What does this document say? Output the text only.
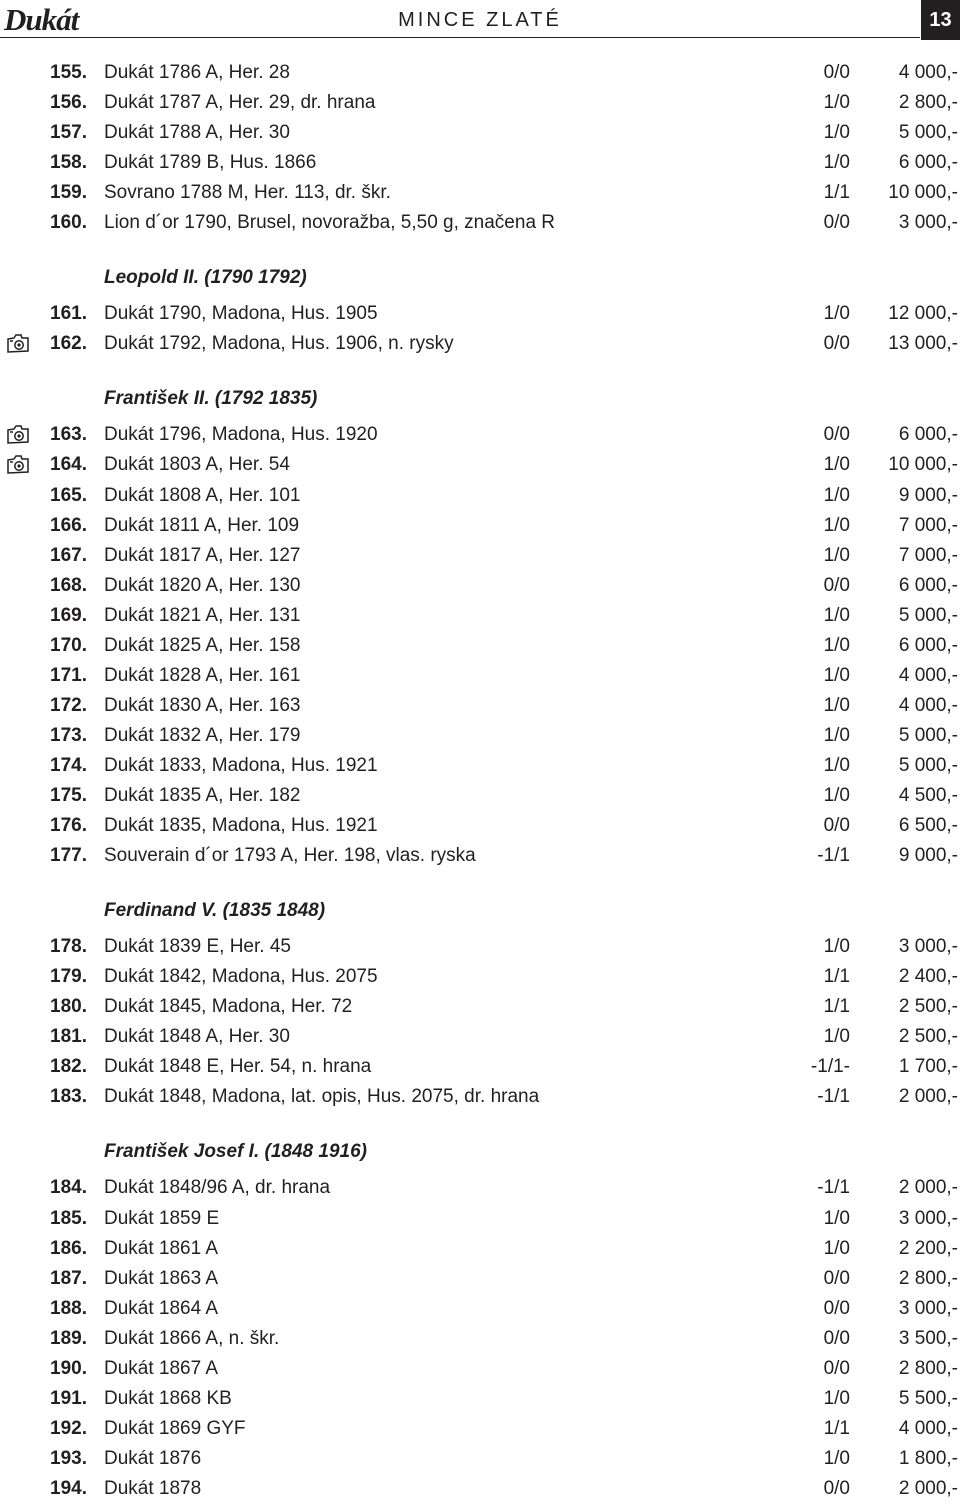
Dukát	MINCE ZLATÉ	13
155. Dukát 1786 A, Her. 28	0/0	4 000,-
156. Dukát 1787 A, Her. 29, dr. hrana	1/0	2 800,-
157. Dukát 1788 A, Her. 30	1/0	5 000,-
158. Dukát 1789 B, Hus. 1866	1/0	6 000,-
159. Sovrano 1788 M, Her. 113, dr. škr.	1/1	10 000,-
160. Lion d´or 1790, Brusel, novoražba, 5,50 g, značena R	0/0	3 000,-
Leopold II. (1790 1792)
161. Dukát 1790, Madona, Hus. 1905	1/0	12 000,-
162. Dukát 1792, Madona, Hus. 1906, n. rysky	0/0	13 000,-
František II. (1792 1835)
163. Dukát 1796, Madona, Hus. 1920	0/0	6 000,-
164. Dukát 1803 A, Her. 54	1/0	10 000,-
165. Dukát 1808 A, Her. 101	1/0	9 000,-
166. Dukát 1811 A, Her. 109	1/0	7 000,-
167. Dukát 1817 A, Her. 127	1/0	7 000,-
168. Dukát 1820 A, Her. 130	0/0	6 000,-
169. Dukát 1821 A, Her. 131	1/0	5 000,-
170. Dukát 1825 A, Her. 158	1/0	6 000,-
171. Dukát 1828 A, Her. 161	1/0	4 000,-
172. Dukát 1830 A, Her. 163	1/0	4 000,-
173. Dukát 1832 A, Her. 179	1/0	5 000,-
174. Dukát 1833, Madona, Hus. 1921	1/0	5 000,-
175. Dukát 1835 A, Her. 182	1/0	4 500,-
176. Dukát 1835, Madona, Hus. 1921	0/0	6 500,-
177. Souverain d´or 1793 A, Her. 198, vlas. ryska	-1/1	9 000,-
Ferdinand V. (1835 1848)
178. Dukát 1839 E, Her. 45	1/0	3 000,-
179. Dukát 1842, Madona, Hus. 2075	1/1	2 400,-
180. Dukát 1845, Madona, Her. 72	1/1	2 500,-
181. Dukát 1848 A, Her. 30	1/0	2 500,-
182. Dukát 1848 E, Her. 54, n. hrana	-1/1-	1 700,-
183. Dukát 1848, Madona, lat. opis, Hus. 2075, dr. hrana	-1/1	2 000,-
František Josef I. (1848 1916)
184. Dukát 1848/96 A, dr. hrana	-1/1	2 000,-
185. Dukát 1859 E	1/0	3 000,-
186. Dukát 1861 A	1/0	2 200,-
187. Dukát 1863 A	0/0	2 800,-
188. Dukát 1864 A	0/0	3 000,-
189. Dukát 1866 A, n. škr.	0/0	3 500,-
190. Dukát 1867 A	0/0	2 800,-
191. Dukát 1868 KB	1/0	5 500,-
192. Dukát 1869 GYF	1/1	4 000,-
193. Dukát 1876	1/0	1 800,-
194. Dukát 1878	0/0	2 000,-
